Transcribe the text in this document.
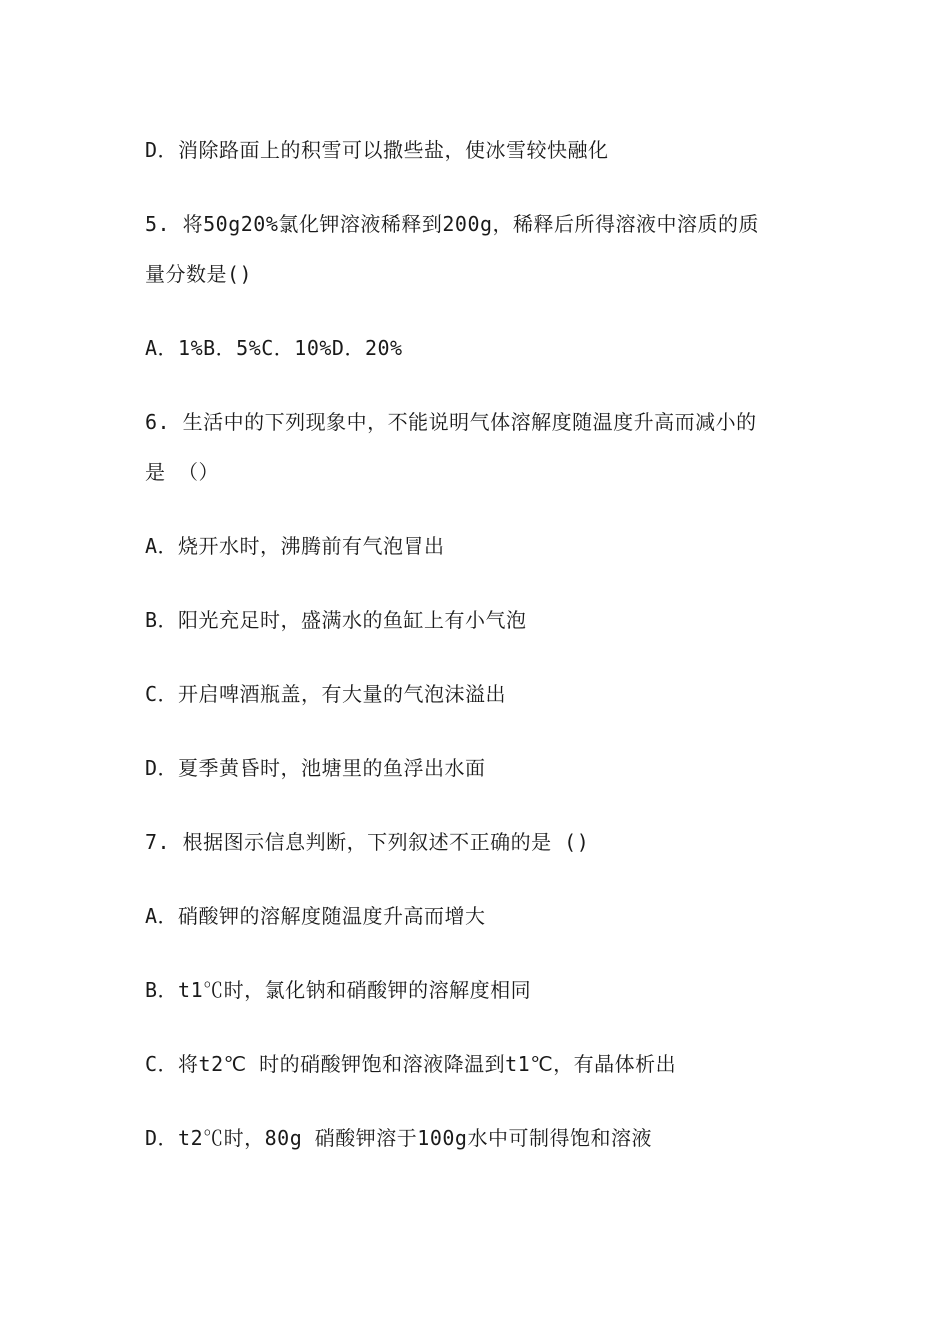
D．消除路面上的积雪可以撒些盐，使冰雪较快融化
5. 将50g20%氯化钾溶液稀释到200g，稀释后所得溶液中溶质的质
量分数是()
A．1%B．5%C．10%D．20%
6. 生活中的下列现象中，不能说明气体溶解度随温度升高而减小的
是 （）
A．烧开水时，沸腾前有气泡冒出
B．阳光充足时，盛满水的鱼缸上有小气泡
C．开启啤酒瓶盖，有大量的气泡沫溢出
D．夏季黄昏时，池塘里的鱼浮出水面
7. 根据图示信息判断，下列叙述不正确的是 ()
A．硝酸钾的溶解度随温度升高而增大
B．t1℃时，氯化钠和硝酸钾的溶解度相同
C．将t2℃ 时的硝酸钾饱和溶液降温到t1℃，有晶体析出
D．t2℃时，80g 硝酸钾溶于100g水中可制得饱和溶液
